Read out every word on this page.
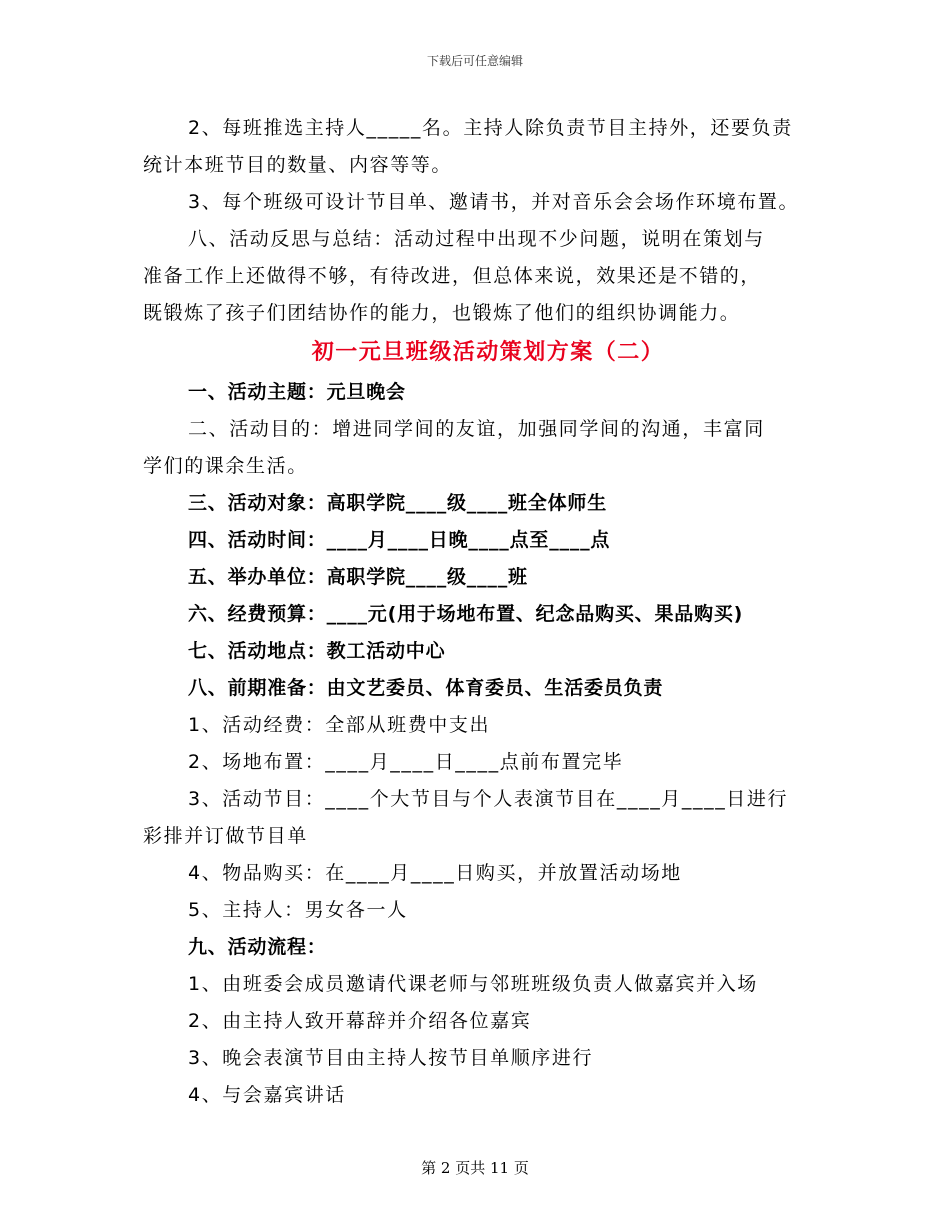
下载后可任意编辑
2、每班推选主持人_____名。主持人除负责节目主持外，还要负责
统计本班节目的数量、内容等等。
3、每个班级可设计节目单、邀请书，并对音乐会会场作环境布置。
八、活动反思与总结：活动过程中出现不少问题，说明在策划与
准备工作上还做得不够，有待改进，但总体来说，效果还是不错的，
既锻炼了孩子们团结协作的能力，也锻炼了他们的组织协调能力。
初一元旦班级活动策划方案（二）
一、活动主题：元旦晚会
二、活动目的：增进同学间的友谊，加强同学间的沟通，丰富同
学们的课余生活。
三、活动对象：高职学院____级____班全体师生
四、活动时间：____月____日晚____点至____点
五、举办单位：高职学院____级____班
六、经费预算：____元(用于场地布置、纪念品购买、果品购买)
七、活动地点：教工活动中心
八、前期准备：由文艺委员、体育委员、生活委员负责
1、活动经费：全部从班费中支出
2、场地布置：____月____日____点前布置完毕
3、活动节目：____个大节目与个人表演节目在____月____日进行
彩排并订做节目单
4、物品购买：在____月____日购买，并放置活动场地
5、主持人：男女各一人
九、活动流程：
1、由班委会成员邀请代课老师与邻班班级负责人做嘉宾并入场
2、由主持人致开幕辞并介绍各位嘉宾
3、晚会表演节目由主持人按节目单顺序进行
4、与会嘉宾讲话
第 2 页共 11 页
